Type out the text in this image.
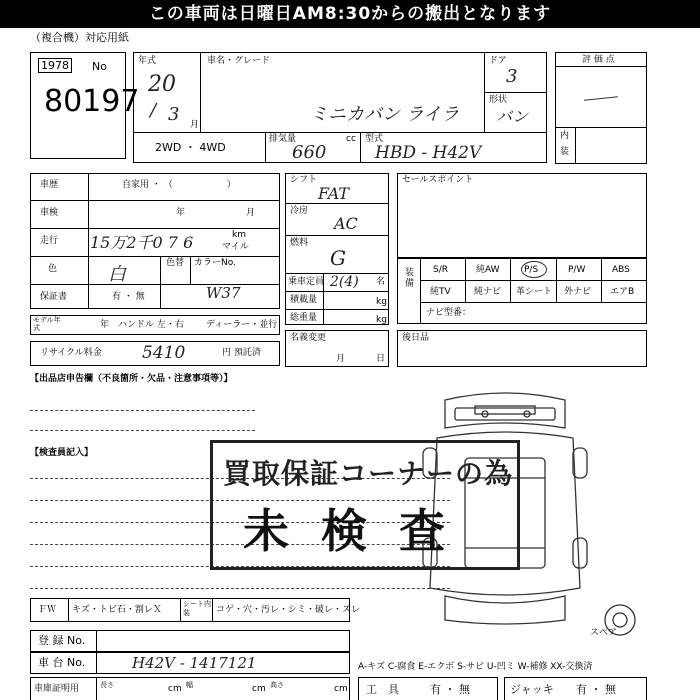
この車両は日曜日AM8:30からの搬出となります
（複合機）対応用紙
1978 No
80197
年式
20
/ 3 月
車名・グレード
ミニカバン ライラ
ドア
3
形状
バン
2WD ・ 4WD
排気量	cc
660
型式
HBD - H42V
評 価 点
内
装
車歴	自家用 ・ （　　　　　　）
車検	年	月
走行 15万2千0 7 6	km
マイル
色	白
色替 カラーNo.
W37
保証書	有 ・ 無
モデル年式	年 ハンドル 左・右 ディーラー・並行
リサイクル料金 5410	円 預託済
シフト
FAT
冷房
AC
燃料
G
乗車定員 2(4) 名
積載量	kg
総重量	kg
名義変更
月	日
セールスポイント
装備
S/R	純AW	P/S	P/W	ABS
純TV	純ナビ 革シート 外ナビ エアB
ナビ型番：
後日品
【出品店申告欄（不良箇所・欠品・注意事項等）】
【検査員記入】
スペア
買取保証コーナーの為
未 検 査
ＦＷ キズ・トビ石・割レＸ
シート内装	コゲ・穴・汚レ・シミ・破レ・スレ
登 録 No.
車 台 No.	H42V - 1417121	A-キズ C-腐食 E-エクボ S-サビ U-凹ミ W-補修 XX-交換済
車庫証明用	長さ	cm 幅	cm 高さ	cm 工　具	有 ・ 無	ジャッキ 有 ・ 無
